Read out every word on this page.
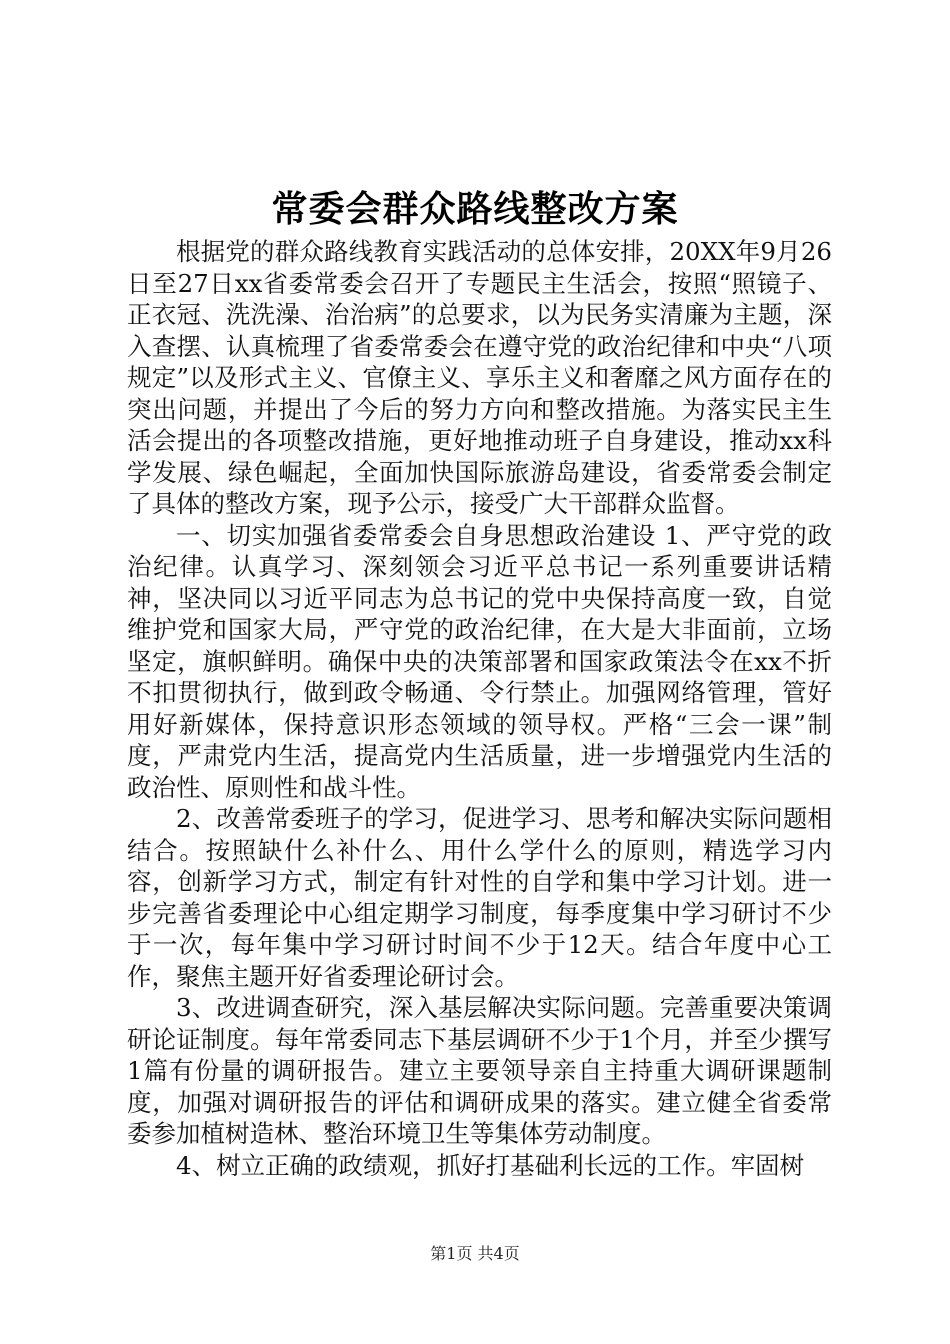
常委会群众路线整改方案

根据党的群众路线教育实践活动的总体安排，20XX年9月26日至27日xx省委常委会召开了专题民主生活会，按照“照镜子、正衣冠、洗洗澡、治治病”的总要求，以为民务实清廉为主题，深入查摆、认真梳理了省委常委会在遵守党的政治纪律和中央“八项规定”以及形式主义、官僚主义、享乐主义和奢靡之风方面存在的突出问题，并提出了今后的努力方向和整改措施。为落实民主生活会提出的各项整改措施，更好地推动班子自身建设，推动xx科学发展、绿色崛起，全面加快国际旅游岛建设，省委常委会制定了具体的整改方案，现予公示，接受广大干部群众监督。

一、切实加强省委常委会自身思想政治建设 1、严守党的政治纪律。认真学习、深刻领会习近平总书记一系列重要讲话精神，坚决同以习近平同志为总书记的党中央保持高度一致，自觉维护党和国家大局，严守党的政治纪律，在大是大非面前，立场坚定，旗帜鲜明。确保中央的决策部署和国家政策法令在xx不折不扣贯彻执行，做到政令畅通、令行禁止。加强网络管理，管好用好新媒体，保持意识形态领域的领导权。严格“三会一课”制度，严肃党内生活，提高党内生活质量，进一步增强党内生活的政治性、原则性和战斗性。

2、改善常委班子的学习，促进学习、思考和解决实际问题相结合。按照缺什么补什么、用什么学什么的原则，精选学习内容，创新学习方式，制定有针对性的自学和集中学习计划。进一步完善省委理论中心组定期学习制度，每季度集中学习研讨不少于一次，每年集中学习研讨时间不少于12天。结合年度中心工作，聚焦主题开好省委理论研讨会。

3、改进调查研究，深入基层解决实际问题。完善重要决策调研论证制度。每年常委同志下基层调研不少于1个月，并至少撰写1篇有份量的调研报告。建立主要领导亲自主持重大调研课题制度，加强对调研报告的评估和调研成果的落实。建立健全省委常委参加植树造林、整治环境卫生等集体劳动制度。

4、树立正确的政绩观，抓好打基础利长远的工作。牢固树

第1页 共4页
